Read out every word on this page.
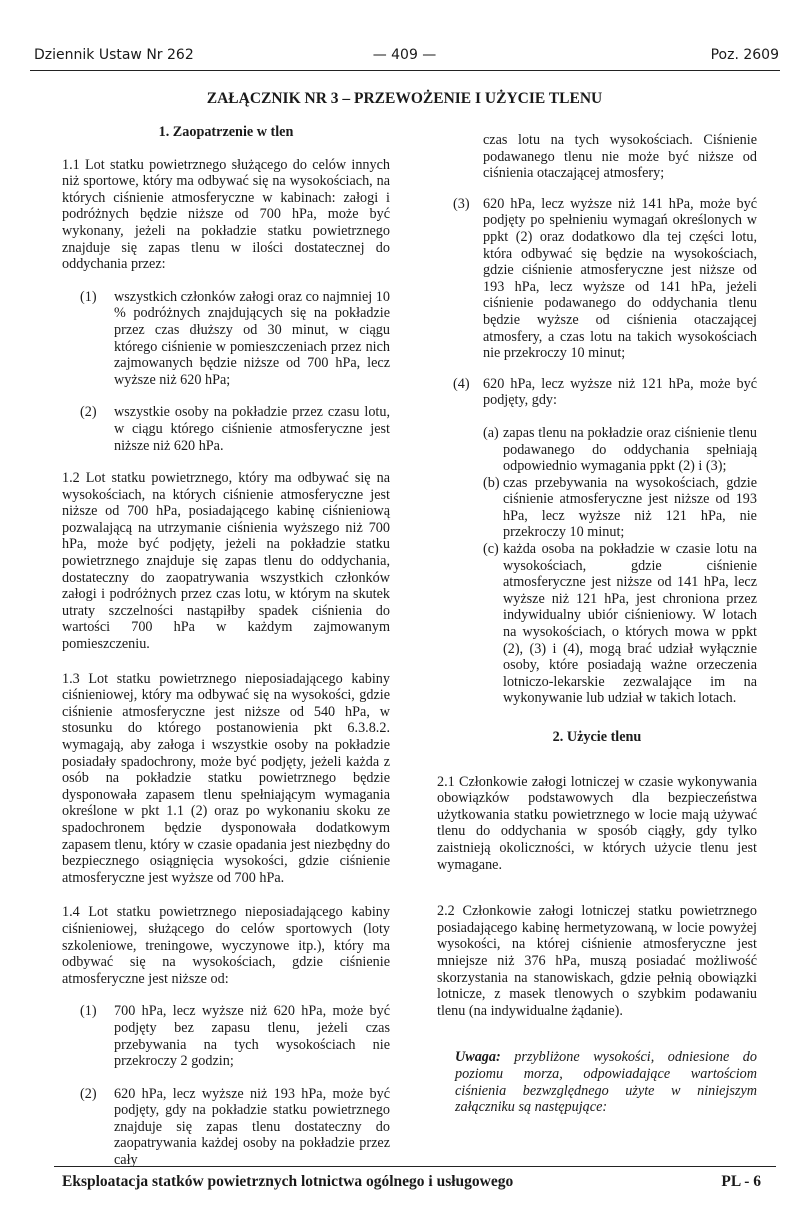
Dziennik Ustaw Nr 262	— 409 —	Poz. 2609
ZAŁĄCZNIK NR 3 – PRZEWOŻENIE I UŻYCIE TLENU

1. Zaopatrzenie w tlen

1.1 Lot statku powietrznego służącego do celów innych niż sportowe, który ma odbywać się na wysokościach, na których ciśnienie atmosferyczne w kabinach: załogi i podróżnych będzie niższe od 700 hPa, może być wykonany, jeżeli na pokładzie statku powietrznego znajduje się zapas tlenu w ilości dostatecznej do oddychania przez:

(1) wszystkich członków załogi oraz co najmniej 10 % podróżnych znajdujących się na pokładzie przez czas dłuższy od 30 minut, w ciągu którego ciśnienie w pomieszczeniach przez nich zajmowanych będzie niższe od 700 hPa, lecz wyższe niż 620 hPa;
(2) wszystkie osoby na pokładzie przez czasu lotu, w ciągu którego ciśnienie atmosferyczne jest niższe niż 620 hPa.

1.2 Lot statku powietrznego, który ma odbywać się na wysokościach, na których ciśnienie atmosferyczne jest niższe od 700 hPa, posiadającego kabinę ciśnieniową pozwalającą na utrzymanie ciśnienia wyższego niż 700 hPa, może być podjęty, jeżeli na pokładzie statku powietrznego znajduje się zapas tlenu do oddychania, dostateczny do zaopatrywania wszystkich członków załogi i podróżnych przez czas lotu, w którym na skutek utraty szczelności nastąpiłby spadek ciśnienia do wartości 700 hPa w każdym zajmowanym pomieszczeniu.

1.3 Lot statku powietrznego nieposiadającego kabiny ciśnieniowej, który ma odbywać się na wysokości, gdzie ciśnienie atmosferyczne jest niższe od 540 hPa, w stosunku do którego postanowienia pkt 6.3.8.2. wymagają, aby załoga i wszystkie osoby na pokładzie posiadały spadochrony, może być podjęty, jeżeli każda z osób na pokładzie statku powietrznego będzie dysponowała zapasem tlenu spełniającym wymagania określone w pkt 1.1 (2) oraz po wykonaniu skoku ze spadochronem będzie dysponowała dodatkowym zapasem tlenu, który w czasie opadania jest niezbędny do bezpiecznego osiągnięcia wysokości, gdzie ciśnienie atmosferyczne jest wyższe od 700 hPa.

1.4 Lot statku powietrznego nieposiadającego kabiny ciśnieniowej, służącego do celów sportowych (loty szkoleniowe, treningowe, wyczynowe itp.), który ma odbywać się na wysokościach, gdzie ciśnienie atmosferyczne jest niższe od:

(1) 700 hPa, lecz wyższe niż 620 hPa, może być podjęty bez zapasu tlenu, jeżeli czas przebywania na tych wysokościach nie przekroczy 2 godzin;
(2) 620 hPa, lecz wyższe niż 193 hPa, może być podjęty, gdy na pokładzie statku powietrznego znajduje się zapas tlenu dostateczny do zaopatrywania każdej osoby na pokładzie przez cały

czas lotu na tych wysokościach. Ciśnienie podawanego tlenu nie może być niższe od ciśnienia otaczającej atmosfery;

(3) 620 hPa, lecz wyższe niż 141 hPa, może być podjęty po spełnieniu wymagań określonych w ppkt (2) oraz dodatkowo dla tej części lotu, która odbywać się będzie na wysokościach, gdzie ciśnienie atmosferyczne jest niższe od 193 hPa, lecz wyższe od 141 hPa, jeżeli ciśnienie podawanego do oddychania tlenu będzie wyższe od ciśnienia otaczającej atmosfery, a czas lotu na takich wysokościach nie przekroczy 10 minut;
(4) 620 hPa, lecz wyższe niż 121 hPa, może być podjęty, gdy:
(a) zapas tlenu na pokładzie oraz ciśnienie tlenu podawanego do oddychania spełniają odpowiednio wymagania ppkt (2) i (3);
(b) czas przebywania na wysokościach, gdzie ciśnienie atmosferyczne jest niższe od 193 hPa, lecz wyższe niż 121 hPa, nie przekroczy 10 minut;
(c) każda osoba na pokładzie w czasie lotu na wysokościach, gdzie ciśnienie atmosferyczne jest niższe od 141 hPa, lecz wyższe niż 121 hPa, jest chroniona przez indywidualny ubiór ciśnieniowy. W lotach na wysokościach, o których mowa w ppkt (2), (3) i (4), mogą brać udział wyłącznie osoby, które posiadają ważne orzeczenia lotniczo-lekarskie zezwalające im na wykonywanie lub udział w takich lotach.

2. Użycie tlenu

2.1 Członkowie załogi lotniczej w czasie wykonywania obowiązków podstawowych dla bezpieczeństwa użytkowania statku powietrznego w locie mają używać tlenu do oddychania w sposób ciągły, gdy tylko zaistnieją okoliczności, w których użycie tlenu jest wymagane.

2.2 Członkowie załogi lotniczej statku powietrznego posiadającego kabinę hermetyzowaną, w locie powyżej wysokości, na której ciśnienie atmosferyczne jest mniejsze niż 376 hPa, muszą posiadać możliwość skorzystania na stanowiskach, gdzie pełnią obowiązki lotnicze, z masek tlenowych o szybkim podawaniu tlenu (na indywidualne żądanie).

Uwaga: przybliżone wysokości, odniesione do poziomu morza, odpowiadające wartościom ciśnienia bezwzględnego użyte w niniejszym załączniku są następujące:

Eksploatacja statków powietrznych lotnictwa ogólnego i usługowego	PL - 6
